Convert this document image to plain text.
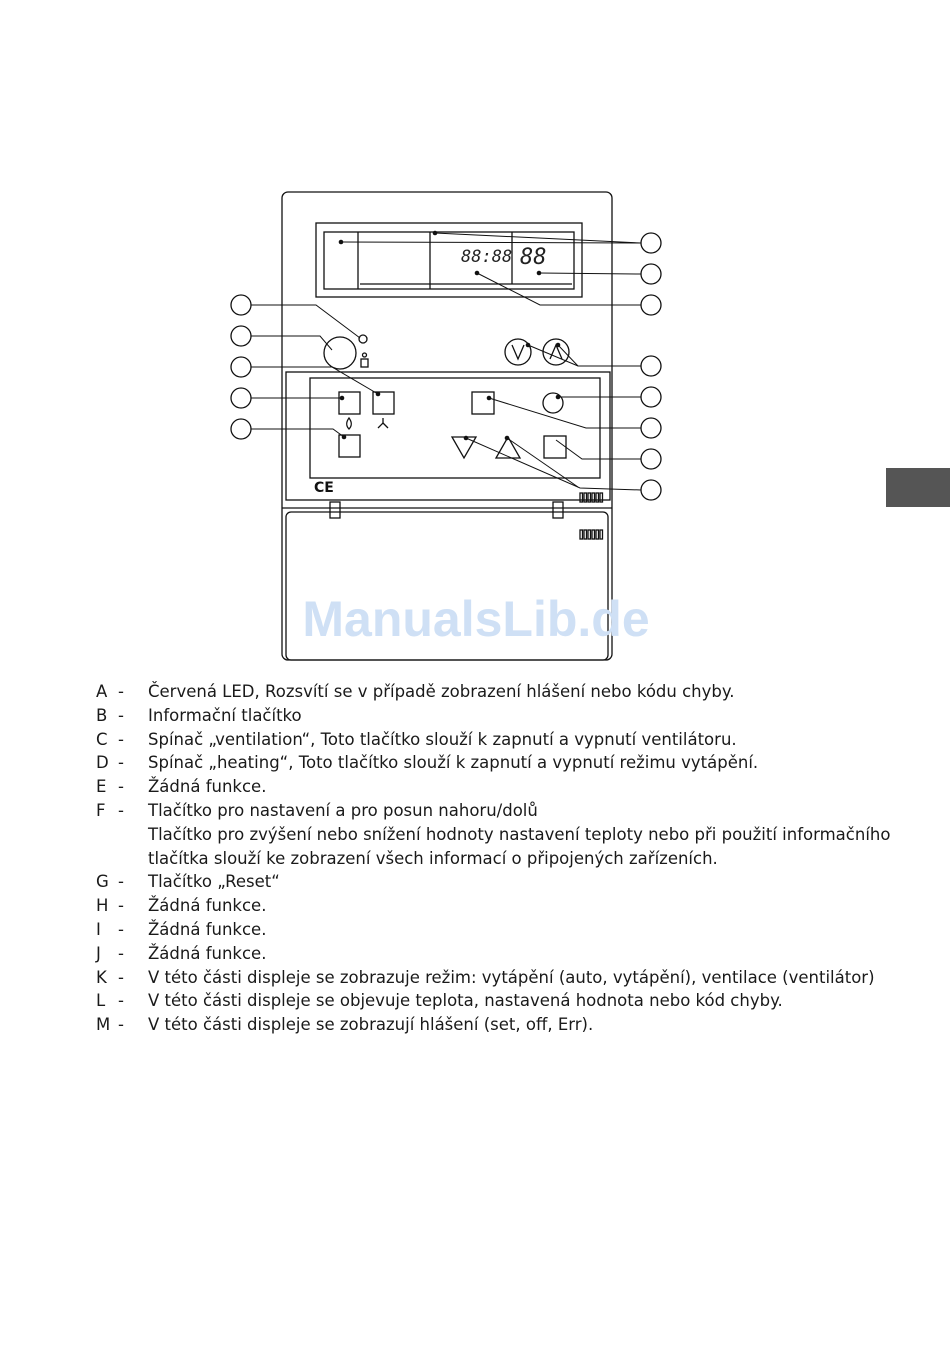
88:88 88
CE
ManualsLib.de
A -	Červená LED, Rozsvítí se v případě zobrazení hlášení nebo kódu chyby.
B -	Informační tlačítko
C -	Spínač „ventilation“, Toto tlačítko slouží k zapnutí a vypnutí ventilátoru.
D -	Spínač „heating“, Toto tlačítko slouží k zapnutí a vypnutí režimu vytápění.
E -	Žádná funkce.
F -	Tlačítko pro nastavení a pro posun nahoru/dolů
Tlačítko pro zvýšení nebo snížení hodnoty nastavení teploty nebo při použití informačního
tlačítka slouží ke zobrazení všech informací o připojených zařízeních.
G -	Tlačítko „Reset“
H -	Žádná funkce.
I	-	Žádná funkce.
J	-	Žádná funkce.
K -	V této části displeje se zobrazuje režim: vytápění (auto, vytápění), ventilace (ventilátor)
L -	V této části displeje se objevuje teplota, nastavená hodnota nebo kód chyby.
M -	V této části displeje se zobrazují hlášení (set, off, Err).
